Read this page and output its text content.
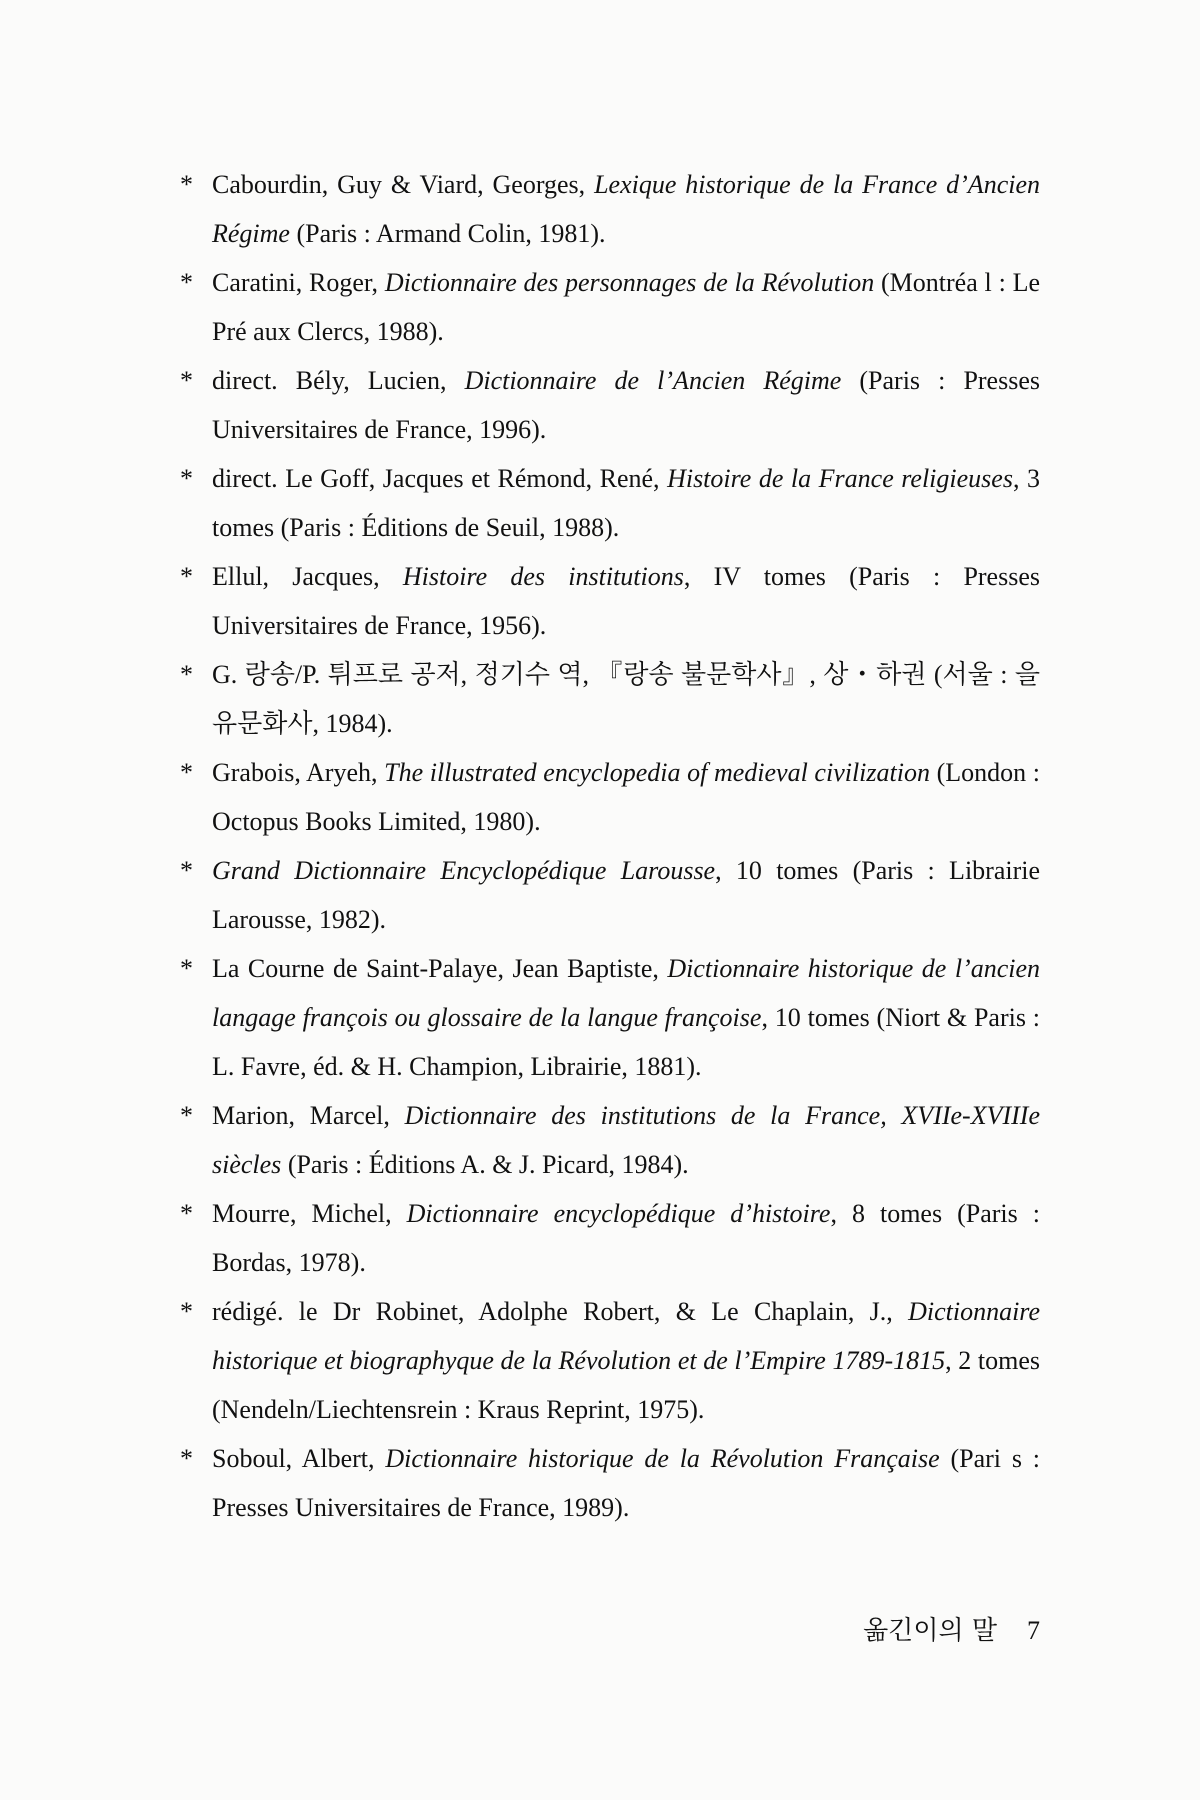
* Cabourdin, Guy & Viard, Georges, Lexique historique de la France d’Ancien Régime (Paris : Armand Colin, 1981).
* Caratini, Roger, Dictionnaire des personnages de la Révolution (Montréa l : Le Pré aux Clercs, 1988).
* direct. Bély, Lucien, Dictionnaire de l’Ancien Régime (Paris : Presses Universitaires de France, 1996).
* direct. Le Goff, Jacques et Rémond, René, Histoire de la France religieuses, 3 tomes (Paris : Éditions de Seuil, 1988).
* Ellul, Jacques, Histoire des institutions, IV tomes (Paris : Presses Universitaires de France, 1956).
* G. 랑송/P. 튀프로 공저, 정기수 역, 『랑송 불문학사』, 상・하권 (서울 : 을유문화사, 1984).
* Grabois, Aryeh, The illustrated encyclopedia of medieval civilization (London : Octopus Books Limited, 1980).
* Grand Dictionnaire Encyclopédique Larousse, 10 tomes (Paris : Librairie Larousse, 1982).
* La Courne de Saint-Palaye, Jean Baptiste, Dictionnaire historique de l’ancien langage françois ou glossaire de la langue françoise, 10 tomes (Niort & Paris : L. Favre, éd. & H. Champion, Librairie, 1881).
* Marion, Marcel, Dictionnaire des institutions de la France, XVIIe-XVIIIe siècles (Paris : Éditions A. & J. Picard, 1984).
* Mourre, Michel, Dictionnaire encyclopédique d’histoire, 8 tomes (Paris : Bordas, 1978).
* rédigé. le Dr Robinet, Adolphe Robert, & Le Chaplain, J., Dictionnaire historique et biographyque de la Révolution et de l’Empire 1789-1815, 2 tomes (Nendeln/Liechtensrein : Kraus Reprint, 1975).
* Soboul, Albert, Dictionnaire historique de la Révolution Française (Pari s : Presses Universitaires de France, 1989).
옮긴이의 말 7
